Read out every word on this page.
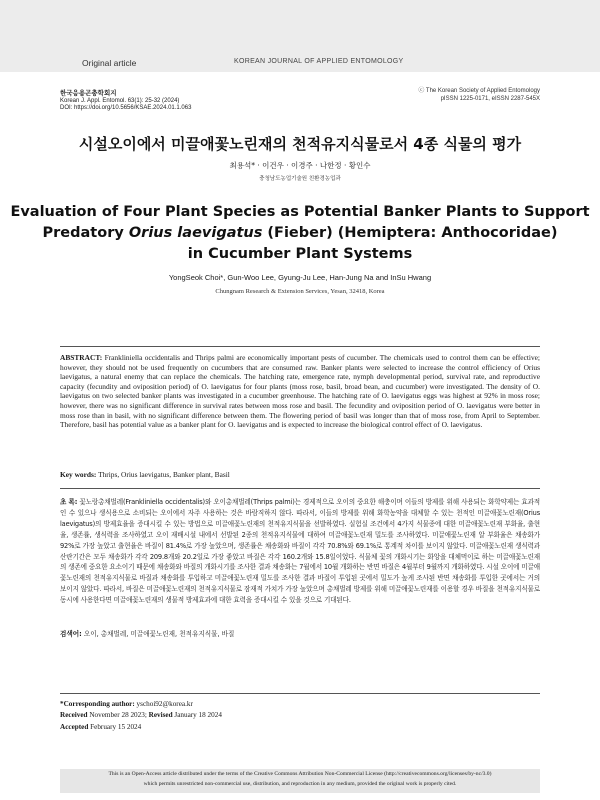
Original article	KOREAN JOURNAL OF APPLIED ENTOMOLOGY
한국응용곤충학회지
Korean J. Appl. Entomol. 63(1): 25-32 (2024)
DOI: https://doi.org/10.5656/KSAE.2024.01.1.063
ⓒ The Korean Society of Applied Entomology
pISSN 1225-0171, eISSN 2287-545X
시설오이에서 미끌애꽃노린재의 천적유지식물로서 4종 식물의 평가
최용석* · 이건우 · 이경주 · 나한정 · 황인수
충청남도농업기술원 친환경농업과
Evaluation of Four Plant Species as Potential Banker Plants to Support
Predatory Orius laevigatus (Fieber) (Hemiptera: Anthocoridae)
in Cucumber Plant Systems
YongSeok Choi*, Gun-Woo Lee, Gyung-Ju Lee, Han-Jung Na and InSu Hwang
Chungnam Research & Extension Services, Yesan, 32418, Korea

ABSTRACT: Frankliniella occidentalis and Thrips palmi are economically important pests of cucumber. The chemicals used to control them can be effective; however, they should not be used frequently on cucumbers that are consumed raw. Banker plants were selected to increase the control efficiency of Orius laevigatus, a natural enemy that can replace the chemicals. The hatching rate, emergence rate, nymph developmental period, survival rate, and reproductive capacity (fecundity and oviposition period) of O. laevigatus for four plants (moss rose, basil, broad bean, and cucumber) were investigated. The density of O. laevigatus on two selected banker plants was investigated in a cucumber greenhouse. The hatching rate of O. laevigatus eggs was highest at 92% in moss rose; however, there was no significant difference in survival rates between moss rose and basil. The fecundity and oviposition period of O. laevigatus were better in moss rose than in basil, with no significant difference between them. The flowering period of basil was longer than that of moss rose, from April to September. Therefore, basil has potential value as a banker plant for O. laevigatus and is expected to increase the biological control effect of O. laevigatus.

Key words: Thrips, Orius laevigatus, Banker plant, Basil

초 록: 꽃노랑총채벌레(Frankliniella occidentalis)와 오이총채벌레(Thrips palmi)는 경제적으로 오이의 중요한 해충이며 이들의 방제를 위해 사용되는 화학약제는 효과적인 수 있으나 생식용으로 소비되는 오이에서 자주 사용하는 것은 바람직하지 않다. 따라서, 이들의 방제를 위해 화학농약을 대체할 수 있는 천적인 미끌애꽃노린재(Orius laevigatus)의 방제효율을 증대시킬 수 있는 방법으로 미끌애꽃노린재의 천적유지식물을 선발하였다. 실험실 조건에서 4가지 식물종에 대한 미끌애꽃노린재 부화율, 출현율, 생존률, 생식력을 조사하였고 오이 재배시설 내에서 선발된 2종의 천적유지식물에 대하여 미끌애꽃노린재 밀도를 조사하였다. 미끌애꽃노린재 알 부화율은 채송화가 92%로 가장 높았고 출현율은 바질이 81.4%로 가장 높았으며, 생존률은 채송화와 바질이 각각 70.8%와 69.1%로 통계적 차이를 보이지 않았다. 미끌애꽃노린재 생식력과 산란기간은 모두 채송화가 각각 209.8개와 20.2일로 가장 좋았고 바질은 각각 160.2개와 15.8일이었다. 식물체 꽃의 개화시기는 화앙을 대체먹이로 하는 미끌애꽃노린재의 생존에 중요한 요소이기 때문에 채송화와 바질의 개화시기를 조사한 결과 채송화는 7월에서 10월 개화하는 반면 바질은 4월부터 9월까지 개화하였다. 시설 오이에 미끌애꽃노린재의 천적유지식물로 바질과 채송화를 투입하고 미끌애꽃노린재 밀도를 조사한 결과 바질이 투입된 곳에서 밀도가 높게 조사된 반면 채송화를 투입한 곳에서는 거의 보이지 않았다. 따라서, 바질은 미끌애꽃노린재의 천적유지식물로 잠재적 가치가 가장 높았으며 총채벌레 방제를 위해 미끌애꽃노린재를 이용할 경우 바질을 천적유지식물로 동시에 사용한다면 미끌애꽃노린재의 생물적 방제효과에 대한 효력을 증대시킬 수 있을 것으로 기대된다.

검색어: 오이, 총채벌레, 미끌애꽃노린재, 천적유지식물, 바질

*Corresponding author: yschoi92@korea.kr
Received November 28 2023; Revised January 18 2024
Accepted February 15 2024
This is an Open-Access article distributed under the terms of the Creative Commons Attribution Non-Commercial License (http://creativecommons.org/licenses/by-nc/3.0)
which permits unrestricted non-commercial use, distribution, and reproduction in any medium, provided the original work is properly cited.
